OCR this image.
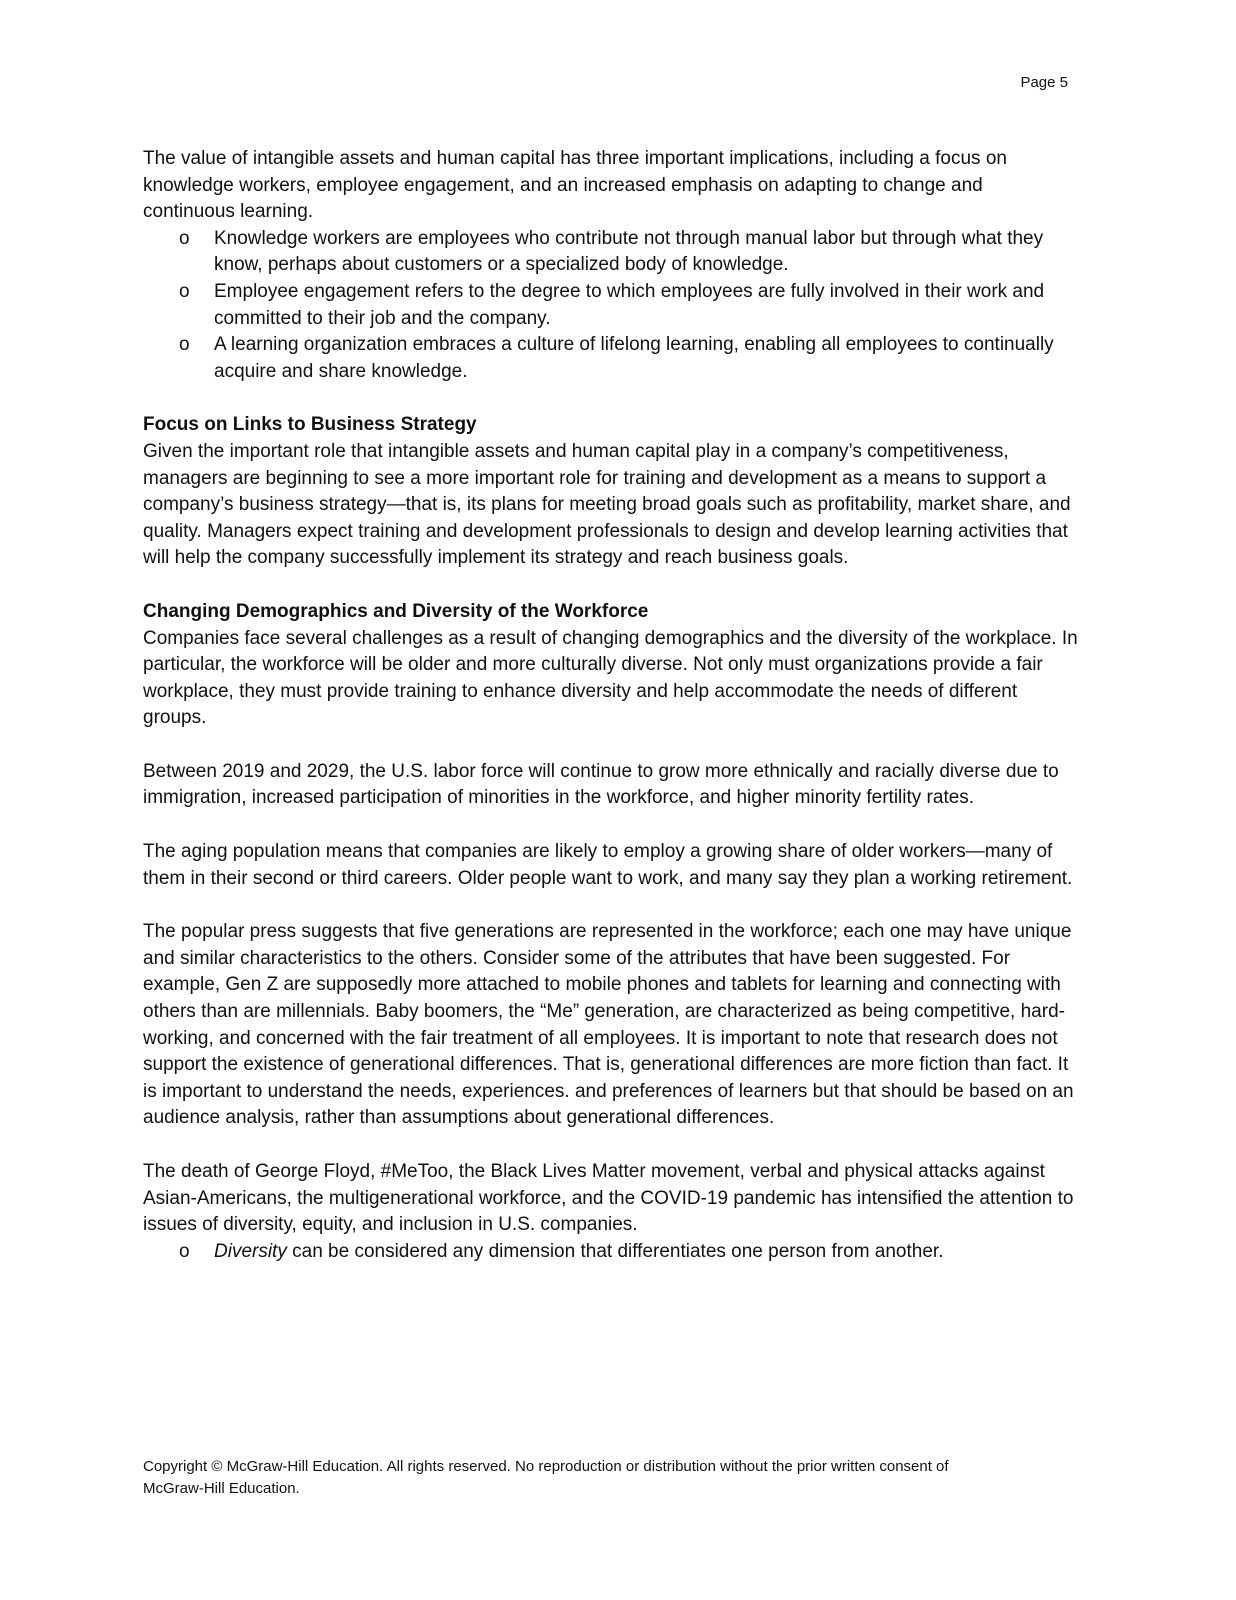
Page 5

The value of intangible assets and human capital has three important implications, including a focus on knowledge workers, employee engagement, and an increased emphasis on adapting to change and continuous learning.

o Knowledge workers are employees who contribute not through manual labor but through what they know, perhaps about customers or a specialized body of knowledge.
o Employee engagement refers to the degree to which employees are fully involved in their work and committed to their job and the company.
o A learning organization embraces a culture of lifelong learning, enabling all employees to continually acquire and share knowledge.
Focus on Links to Business Strategy

Given the important role that intangible assets and human capital play in a company’s competitiveness, managers are beginning to see a more important role for training and development as a means to support a company’s business strategy—that is, its plans for meeting broad goals such as profitability, market share, and quality. Managers expect training and development professionals to design and develop learning activities that will help the company successfully implement its strategy and reach business goals.

Changing Demographics and Diversity of the Workforce

Companies face several challenges as a result of changing demographics and the diversity of the workplace. In particular, the workforce will be older and more culturally diverse. Not only must organizations provide a fair workplace, they must provide training to enhance diversity and help accommodate the needs of different groups.

Between 2019 and 2029, the U.S. labor force will continue to grow more ethnically and racially diverse due to immigration, increased participation of minorities in the workforce, and higher minority fertility rates.

The aging population means that companies are likely to employ a growing share of older workers—many of them in their second or third careers. Older people want to work, and many say they plan a working retirement.

The popular press suggests that five generations are represented in the workforce; each one may have unique and similar characteristics to the others. Consider some of the attributes that have been suggested. For example, Gen Z are supposedly more attached to mobile phones and tablets for learning and connecting with others than are millennials. Baby boomers, the “Me” generation, are characterized as being competitive, hard-working, and concerned with the fair treatment of all employees. It is important to note that research does not support the existence of generational differences. That is, generational differences are more fiction than fact. It is important to understand the needs, experiences. and preferences of learners but that should be based on an audience analysis, rather than assumptions about generational differences.

The death of George Floyd, #MeToo, the Black Lives Matter movement, verbal and physical attacks against Asian-Americans, the multigenerational workforce, and the COVID-19 pandemic has intensified the attention to issues of diversity, equity, and inclusion in U.S. companies.

o Diversity can be considered any dimension that differentiates one person from another.
Copyright © McGraw-Hill Education. All rights reserved. No reproduction or distribution without the prior written consent of
McGraw-Hill Education.
